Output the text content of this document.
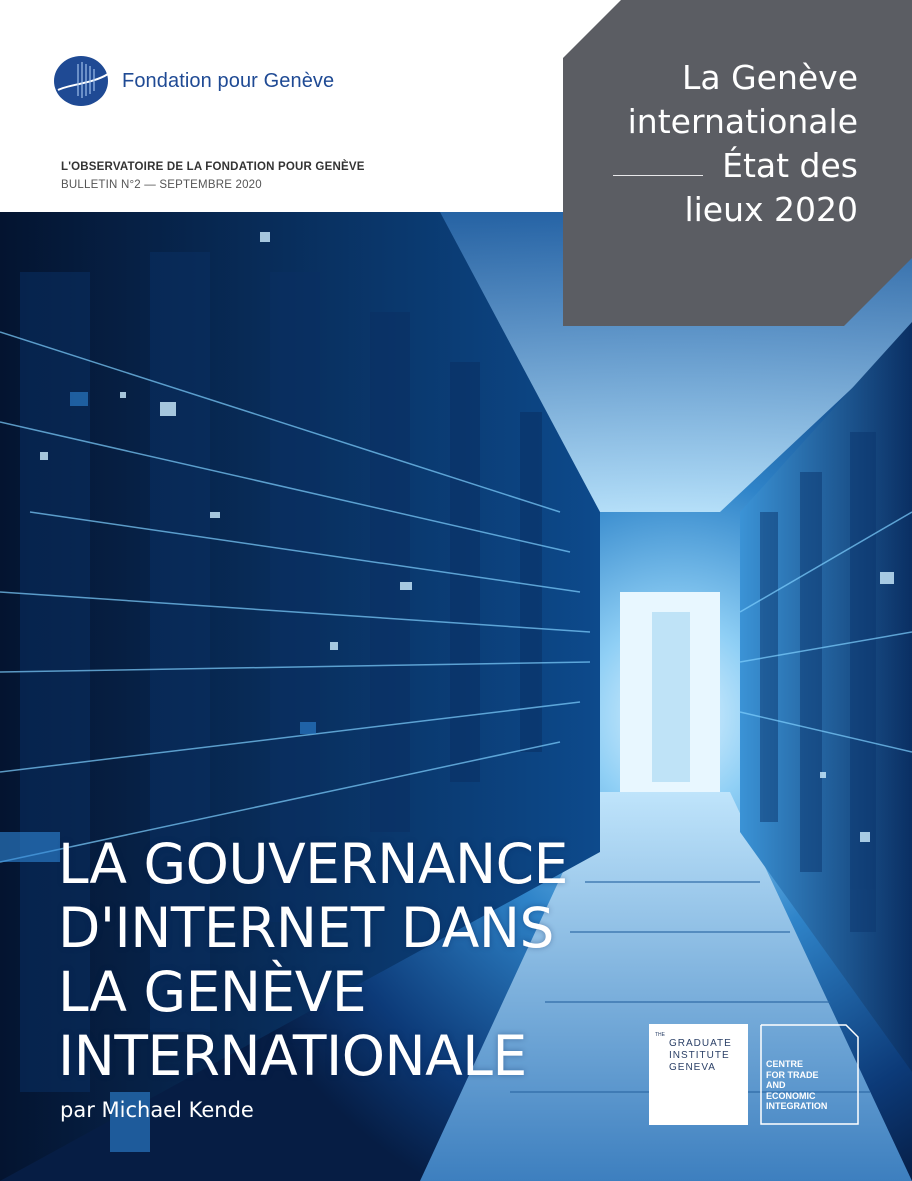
Fondation pour Genève
L'OBSERVATOIRE DE LA FONDATION POUR GENÈVE
BULLETIN N°2 — SEPTEMBRE 2020
La Genève
internationale
État des
lieux 2020
LA GOUVERNANCE
D'INTERNET DANS
LA GENÈVE
INTERNATIONALE
par Michael Kende
THE
GRADUATE
INSTITUTE
GENEVA	CENTRE
FOR TRADE
AND
ECONOMIC
INTEGRATION
